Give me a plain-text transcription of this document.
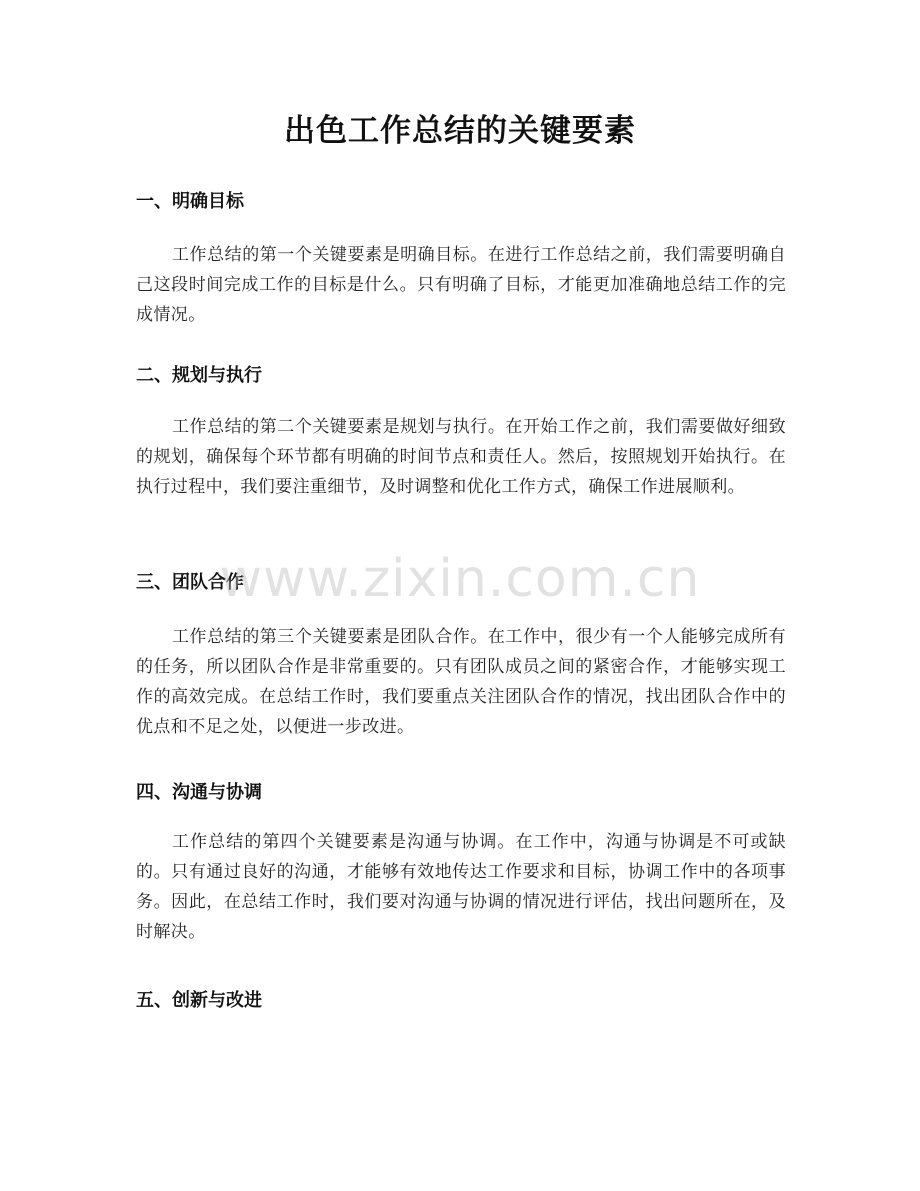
出色工作总结的关键要素
一、明确目标
工作总结的第一个关键要素是明确目标。在进行工作总结之前，我们需要明确自己这段时间完成工作的目标是什么。只有明确了目标，才能更加准确地总结工作的完成情况。
二、规划与执行
工作总结的第二个关键要素是规划与执行。在开始工作之前，我们需要做好细致的规划，确保每个环节都有明确的时间节点和责任人。然后，按照规划开始执行。在执行过程中，我们要注重细节，及时调整和优化工作方式，确保工作进展顺利。
三、团队合作
工作总结的第三个关键要素是团队合作。在工作中，很少有一个人能够完成所有的任务，所以团队合作是非常重要的。只有团队成员之间的紧密合作，才能够实现工作的高效完成。在总结工作时，我们要重点关注团队合作的情况，找出团队合作中的优点和不足之处，以便进一步改进。
四、沟通与协调
工作总结的第四个关键要素是沟通与协调。在工作中，沟通与协调是不可或缺的。只有通过良好的沟通，才能够有效地传达工作要求和目标，协调工作中的各项事务。因此，在总结工作时，我们要对沟通与协调的情况进行评估，找出问题所在，及时解决。
五、创新与改进
www.zixin.com.cn
